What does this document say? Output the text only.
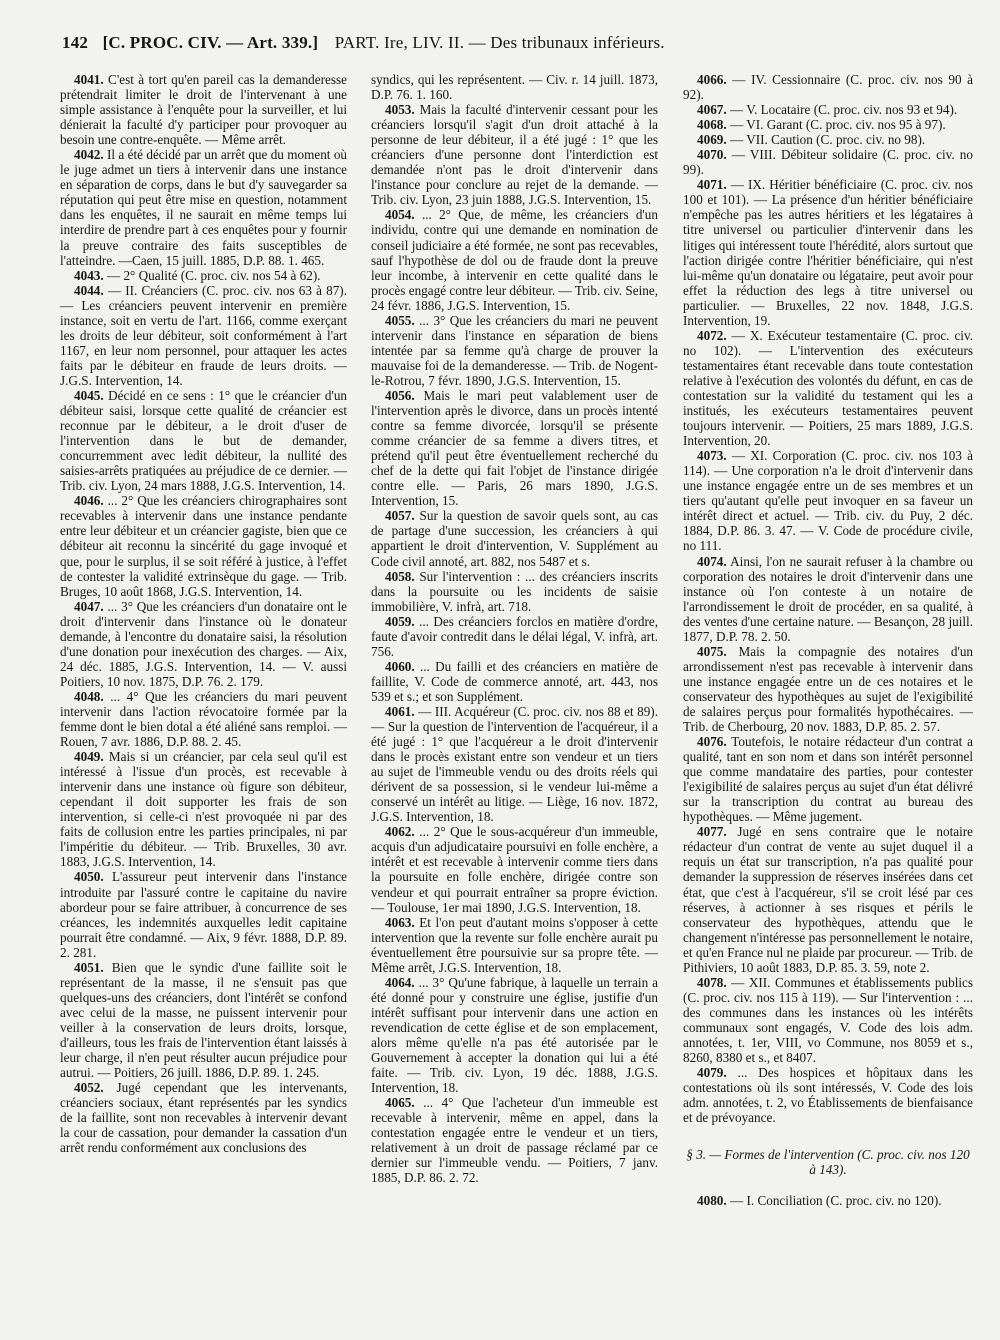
142 [C. PROC. CIV. — Art. 339.] PART. Ire, LIV. II. — Des tribunaux inférieurs.

4041. C'est à tort qu'en pareil cas la demanderesse prétendrait limiter le droit de l'intervenant à une simple assistance à l'enquête pour la surveiller, et lui dénierait la faculté d'y participer pour provoquer au besoin une contre-enquête. — Même arrêt.

4042. Il a été décidé par un arrêt que du moment où le juge admet un tiers à intervenir dans une instance en séparation de corps, dans le but d'y sauvegarder sa réputation qui peut être mise en question, notamment dans les enquêtes, il ne saurait en même temps lui interdire de prendre part à ces enquêtes pour y fournir la preuve contraire des faits susceptibles de l'atteindre. —Caen, 15 juill. 1885, D.P. 88. 1. 465.

4043. — 2° Qualité (C. proc. civ. nos 54 à 62).

4044. — II. Créanciers (C. proc. civ. nos 63 à 87). — Les créanciers peuvent intervenir en première instance, soit en vertu de l'art. 1166, comme exerçant les droits de leur débiteur, soit conformément à l'art 1167, en leur nom personnel, pour attaquer les actes faits par le débiteur en fraude de leurs droits. — J.G.S. Intervention, 14.

4045. Décidé en ce sens : 1° que le créancier d'un débiteur saisi, lorsque cette qualité de créancier est reconnue par le débiteur, a le droit d'user de l'intervention dans le but de demander, concurremment avec ledit débiteur, la nullité des saisies-arrêts pratiquées au préjudice de ce dernier. — Trib. civ. Lyon, 24 mars 1888, J.G.S. Intervention, 14.

4046. ... 2° Que les créanciers chirographaires sont recevables à intervenir dans une instance pendante entre leur débiteur et un créancier gagiste, bien que ce débiteur ait reconnu la sincérité du gage invoqué et que, pour le surplus, il se soit référé à justice, à l'effet de contester la validité extrinsèque du gage. — Trib. Bruges, 10 août 1868, J.G.S. Intervention, 14.

4047. ... 3° Que les créanciers d'un donataire ont le droit d'intervenir dans l'instance où le donateur demande, à l'encontre du donataire saisi, la résolution d'une donation pour inexécution des charges. — Aix, 24 déc. 1885, J.G.S. Intervention, 14. — V. aussi Poitiers, 10 nov. 1875, D.P. 76. 2. 179.

4048. ... 4° Que les créanciers du mari peuvent intervenir dans l'action révocatoire formée par la femme dont le bien dotal a été aliéné sans remploi. — Rouen, 7 avr. 1886, D.P. 88. 2. 45.

4049. Mais si un créancier, par cela seul qu'il est intéressé à l'issue d'un procès, est recevable à intervenir dans une instance où figure son débiteur, cependant il doit supporter les frais de son intervention, si celle-ci n'est provoquée ni par des faits de collusion entre les parties principales, ni par l'impéritie du débiteur. — Trib. Bruxelles, 30 avr. 1883, J.G.S. Intervention, 14.

4050. L'assureur peut intervenir dans l'instance introduite par l'assuré contre le capitaine du navire abordeur pour se faire attribuer, à concurrence de ses créances, les indemnités auxquelles ledit capitaine pourrait être condamné. — Aix, 9 févr. 1888, D.P. 89. 2. 281.

4051. Bien que le syndic d'une faillite soit le représentant de la masse, il ne s'ensuit pas que quelques-uns des créanciers, dont l'intérêt se confond avec celui de la masse, ne puissent intervenir pour veiller à la conservation de leurs droits, lorsque, d'ailleurs, tous les frais de l'intervention étant laissés à leur charge, il n'en peut résulter aucun préjudice pour autrui. — Poitiers, 26 juill. 1886, D.P. 89. 1. 245.

4052. Jugé cependant que les intervenants, créanciers sociaux, étant représentés par les syndics de la faillite, sont non recevables à intervenir devant la cour de cassation, pour demander la cassation d'un arrêt rendu conformément aux conclusions des

syndics, qui les représentent. — Civ. r. 14 juill. 1873, D.P. 76. 1. 160.

4053. Mais la faculté d'intervenir cessant pour les créanciers lorsqu'il s'agit d'un droit attaché à la personne de leur débiteur, il a été jugé : 1° que les créanciers d'une personne dont l'interdiction est demandée n'ont pas le droit d'intervenir dans l'instance pour conclure au rejet de la demande. — Trib. civ. Lyon, 23 juin 1888, J.G.S. Intervention, 15.

4054. ... 2° Que, de même, les créanciers d'un individu, contre qui une demande en nomination de conseil judiciaire a été formée, ne sont pas recevables, sauf l'hypothèse de dol ou de fraude dont la preuve leur incombe, à intervenir en cette qualité dans le procès engagé contre leur débiteur. — Trib. civ. Seine, 24 févr. 1886, J.G.S. Intervention, 15.

4055. ... 3° Que les créanciers du mari ne peuvent intervenir dans l'instance en séparation de biens intentée par sa femme qu'à charge de prouver la mauvaise foi de la demanderesse. — Trib. de Nogent-le-Rotrou, 7 févr. 1890, J.G.S. Intervention, 15.

4056. Mais le mari peut valablement user de l'intervention après le divorce, dans un procès intenté contre sa femme divorcée, lorsqu'il se présente comme créancier de sa femme a divers titres, et prétend qu'il peut être éventuellement recherché du chef de la dette qui fait l'objet de l'instance dirigée contre elle. — Paris, 26 mars 1890, J.G.S. Intervention, 15.

4057. Sur la question de savoir quels sont, au cas de partage d'une succession, les créanciers à qui appartient le droit d'intervention, V. Supplément au Code civil annoté, art. 882, nos 5487 et s.

4058. Sur l'intervention : ... des créanciers inscrits dans la poursuite ou les incidents de saisie immobilière, V. infrà, art. 718.

4059. ... Des créanciers forclos en matière d'ordre, faute d'avoir contredit dans le délai légal, V. infrà, art. 756.

4060. ... Du failli et des créanciers en matière de faillite, V. Code de commerce annoté, art. 443, nos 539 et s.; et son Supplément.

4061. — III. Acquéreur (C. proc. civ. nos 88 et 89). — Sur la question de l'intervention de l'acquéreur, il a été jugé : 1° que l'acquéreur a le droit d'intervenir dans le procès existant entre son vendeur et un tiers au sujet de l'immeuble vendu ou des droits réels qui dérivent de sa possession, si le vendeur lui-même a conservé un intérêt au litige. — Liège, 16 nov. 1872, J.G.S. Intervention, 18.

4062. ... 2° Que le sous-acquéreur d'un immeuble, acquis d'un adjudicataire poursuivi en folle enchère, a intérêt et est recevable à intervenir comme tiers dans la poursuite en folle enchère, dirigée contre son vendeur et qui pourrait entraîner sa propre éviction. — Toulouse, 1er mai 1890, J.G.S. Intervention, 18.

4063. Et l'on peut d'autant moins s'opposer à cette intervention que la revente sur folle enchère aurait pu éventuellement être poursuivie sur sa propre tête. — Même arrêt, J.G.S. Intervention, 18.

4064. ... 3° Qu'une fabrique, à laquelle un terrain a été donné pour y construire une église, justifie d'un intérêt suffisant pour intervenir dans une action en revendication de cette église et de son emplacement, alors même qu'elle n'a pas été autorisée par le Gouvernement à accepter la donation qui lui a été faite. — Trib. civ. Lyon, 19 déc. 1888, J.G.S. Intervention, 18.

4065. ... 4° Que l'acheteur d'un immeuble est recevable à intervenir, même en appel, dans la contestation engagée entre le vendeur et un tiers, relativement à un droit de passage réclamé par ce dernier sur l'immeuble vendu. — Poitiers, 7 janv. 1885, D.P. 86. 2. 72.

4066. — IV. Cessionnaire (C. proc. civ. nos 90 à 92).

4067. — V. Locataire (C. proc. civ. nos 93 et 94).

4068. — VI. Garant (C. proc. civ. nos 95 à 97).

4069. — VII. Caution (C. proc. civ. no 98).

4070. — VIII. Débiteur solidaire (C. proc. civ. no 99).

4071. — IX. Héritier bénéficiaire (C. proc. civ. nos 100 et 101). — La présence d'un héritier bénéficiaire n'empêche pas les autres héritiers et les légataires à titre universel ou particulier d'intervenir dans les litiges qui intéressent toute l'hérédité, alors surtout que l'action dirigée contre l'héritier bénéficiaire, qui n'est lui-même qu'un donataire ou légataire, peut avoir pour effet la réduction des legs à titre universel ou particulier. — Bruxelles, 22 nov. 1848, J.G.S. Intervention, 19.

4072. — X. Exécuteur testamentaire (C. proc. civ. no 102). — L'intervention des exécuteurs testamentaires étant recevable dans toute contestation relative à l'exécution des volontés du défunt, en cas de contestation sur la validité du testament qui les a institués, les exécuteurs testamentaires peuvent toujours intervenir. — Poitiers, 25 mars 1889, J.G.S. Intervention, 20.

4073. — XI. Corporation (C. proc. civ. nos 103 à 114). — Une corporation n'a le droit d'intervenir dans une instance engagée entre un de ses membres et un tiers qu'autant qu'elle peut invoquer en sa faveur un intérêt direct et actuel. — Trib. civ. du Puy, 2 déc. 1884, D.P. 86. 3. 47. — V. Code de procédure civile, no 111.

4074. Ainsi, l'on ne saurait refuser à la chambre ou corporation des notaires le droit d'intervenir dans une instance où l'on conteste à un notaire de l'arrondissement le droit de procéder, en sa qualité, à des ventes d'une certaine nature. — Besançon, 28 juill. 1877, D.P. 78. 2. 50.

4075. Mais la compagnie des notaires d'un arrondissement n'est pas recevable à intervenir dans une instance engagée entre un de ces notaires et le conservateur des hypothèques au sujet de l'exigibilité de salaires perçus pour formalités hypothécaires. — Trib. de Cherbourg, 20 nov. 1883, D.P. 85. 2. 57.

4076. Toutefois, le notaire rédacteur d'un contrat a qualité, tant en son nom et dans son intérêt personnel que comme mandataire des parties, pour contester l'exigibilité de salaires perçus au sujet d'un état délivré sur la transcription du contrat au bureau des hypothèques. — Même jugement.

4077. Jugé en sens contraire que le notaire rédacteur d'un contrat de vente au sujet duquel il a requis un état sur transcription, n'a pas qualité pour demander la suppression de réserves insérées dans cet état, que c'est à l'acquéreur, s'il se croit lésé par ces réserves, à actionner à ses risques et périls le conservateur des hypothèques, attendu que le changement n'intéresse pas personnellement le notaire, et qu'en France nul ne plaide par procureur. — Trib. de Pithiviers, 10 août 1883, D.P. 85. 3. 59, note 2.

4078. — XII. Communes et établissements publics (C. proc. civ. nos 115 à 119). — Sur l'intervention : ... des communes dans les instances où les intérêts communaux sont engagés, V. Code des lois adm. annotées, t. 1er, VIII, vo Commune, nos 8059 et s., 8260, 8380 et s., et 8407.

4079. ... Des hospices et hôpitaux dans les contestations où ils sont intéressés, V. Code des lois adm. annotées, t. 2, vo Établissements de bienfaisance et de prévoyance.

§ 3. — Formes de l'intervention (C. proc. civ. nos 120 à 143).

4080. — I. Conciliation (C. proc. civ. no 120).
